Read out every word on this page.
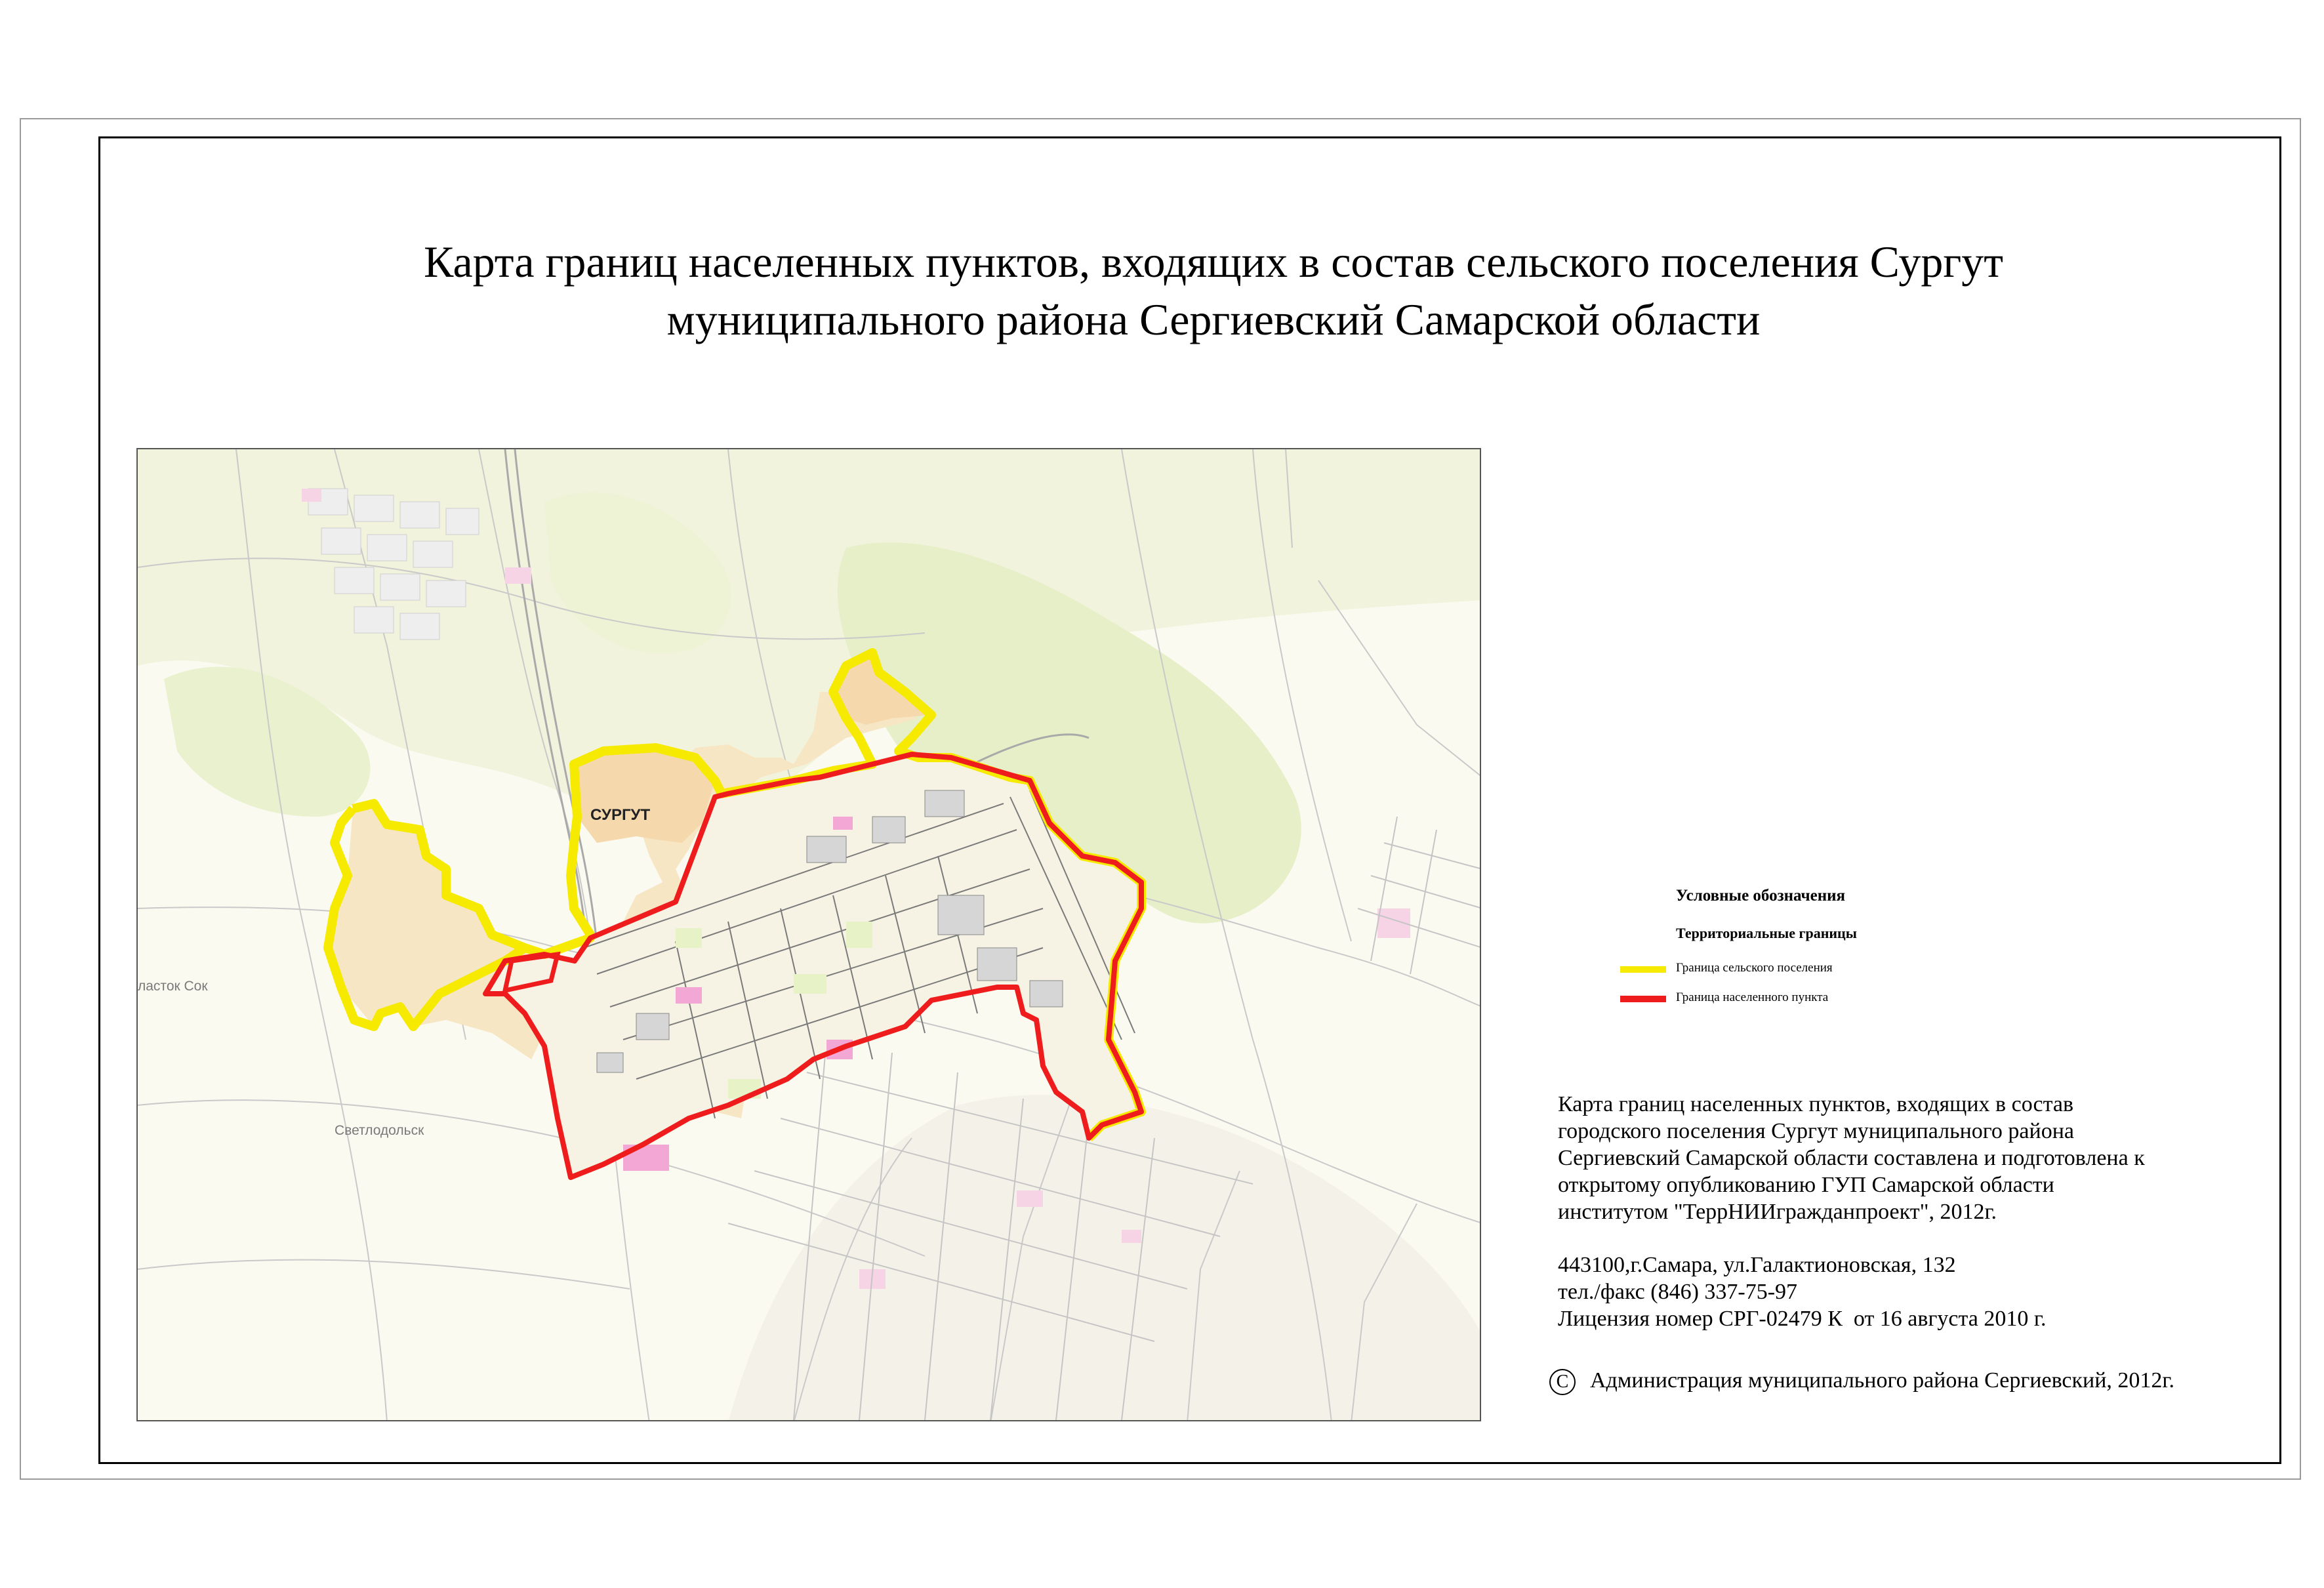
Карта границ населенных пунктов, входящих в состав сельского поселения Сургут
муниципального района Сергиевский Самарской области
СУРГУТ
Светлодольск
ласток Сок
Условные обозначения
Территориальные границы
Граница сельского поселения
Граница населенного пункта

Карта границ населенных пунктов, входящих в состав

городского поселения Сургут муниципального района

Сергиевский Самарской области составлена и подготовлена к

открытому опубликованию ГУП Самарской области

институтом "ТеррНИИгражданпроект", 2012г.

443100,г.Самара, ул.Галактионовская, 132

тел./факс (846) 337-75-97

Лицензия номер СРГ-02479 К  от 16 августа 2010 г.

C Администрация муниципального района Сергиевский, 2012г.
